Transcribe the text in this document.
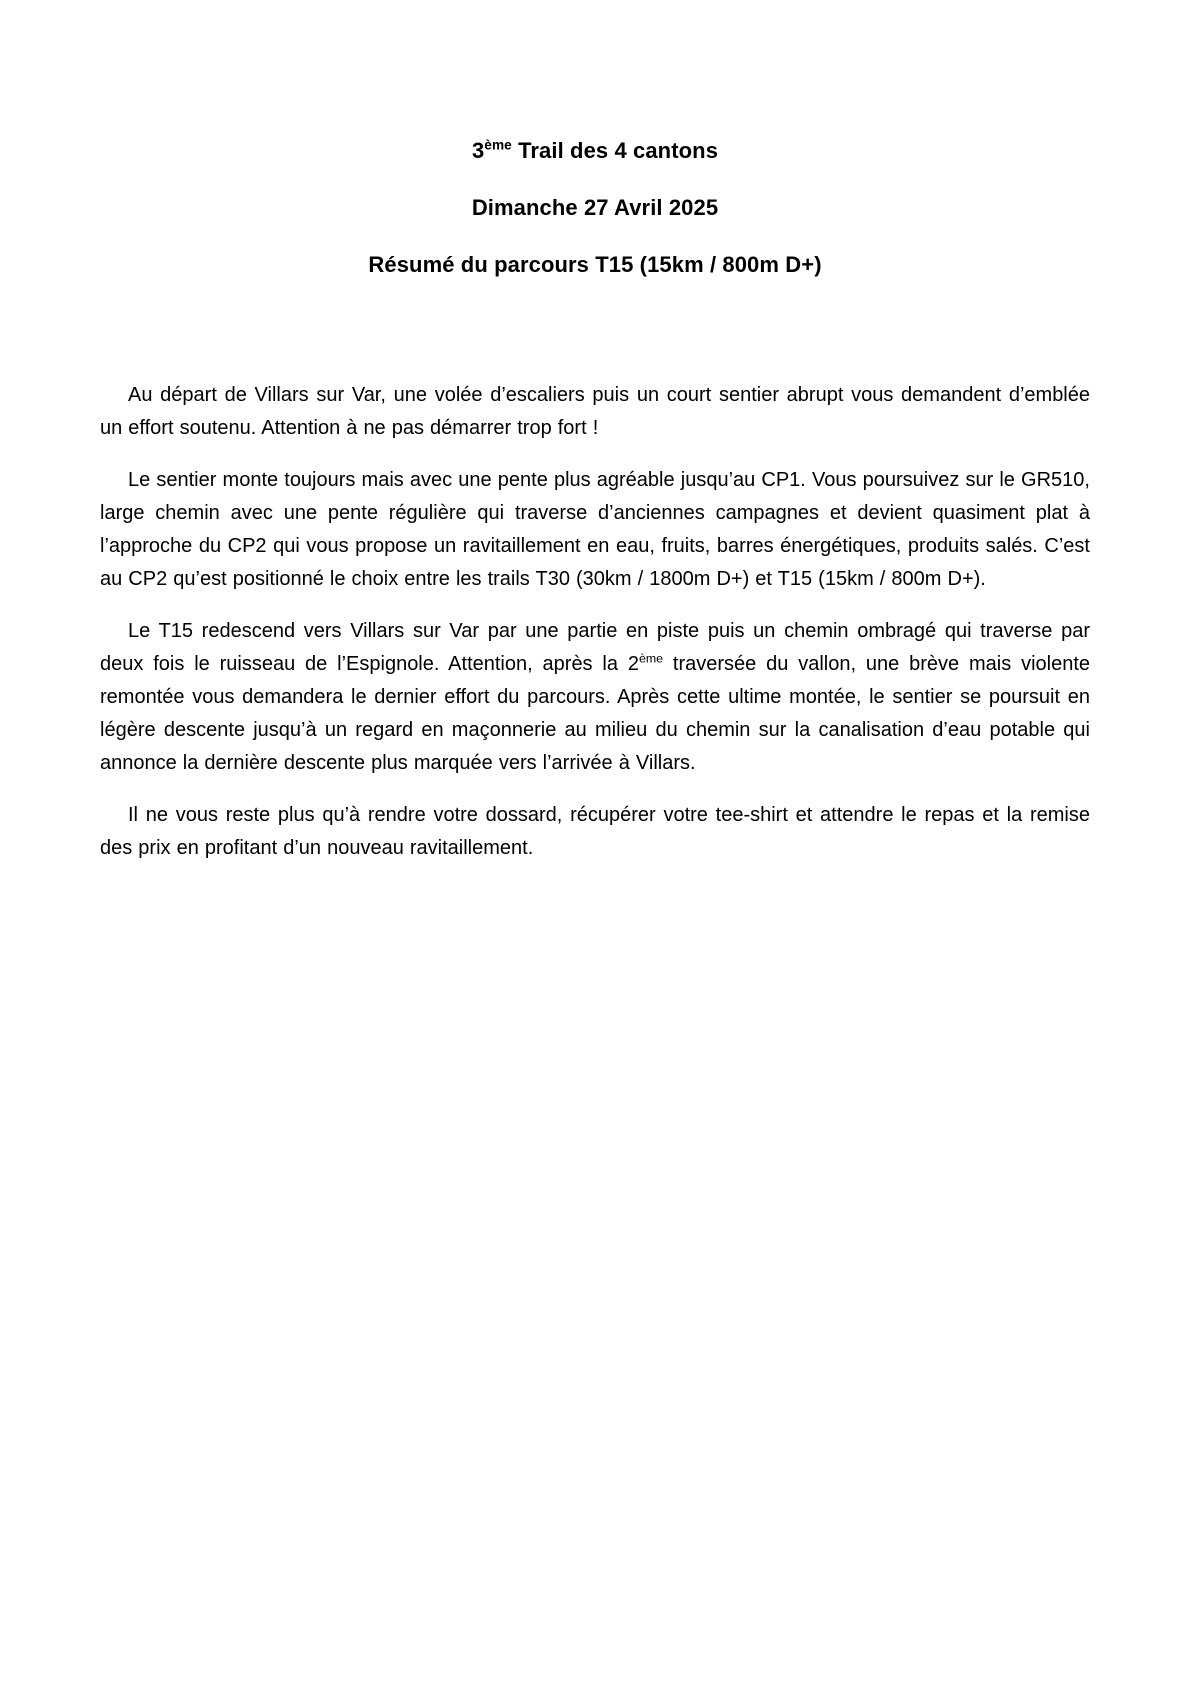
3ème Trail des 4 cantons
Dimanche 27 Avril 2025
Résumé du parcours T15 (15km / 800m D+)

Au départ de Villars sur Var, une volée d’escaliers puis un court sentier abrupt vous demandent d’emblée un effort soutenu. Attention à ne pas démarrer trop fort !

Le sentier monte toujours mais avec une pente plus agréable jusqu’au CP1. Vous poursuivez sur le GR510, large chemin avec une pente régulière qui traverse d’anciennes campagnes et devient quasiment plat à l’approche du CP2 qui vous propose un ravitaillement en eau, fruits, barres énergétiques, produits salés. C’est au CP2 qu’est positionné le choix entre les trails T30 (30km / 1800m D+) et T15 (15km / 800m D+).

Le T15 redescend vers Villars sur Var par une partie en piste puis un chemin ombragé qui traverse par deux fois le ruisseau de l’Espignole. Attention, après la 2ème traversée du vallon, une brève mais violente remontée vous demandera le dernier effort du parcours. Après cette ultime montée, le sentier se poursuit en légère descente jusqu’à un regard en maçonnerie au milieu du chemin sur la canalisation d’eau potable qui annonce la dernière descente plus marquée vers l’arrivée à Villars.

Il ne vous reste plus qu’à rendre votre dossard, récupérer votre tee-shirt et attendre le repas et la remise des prix en profitant d’un nouveau ravitaillement.
